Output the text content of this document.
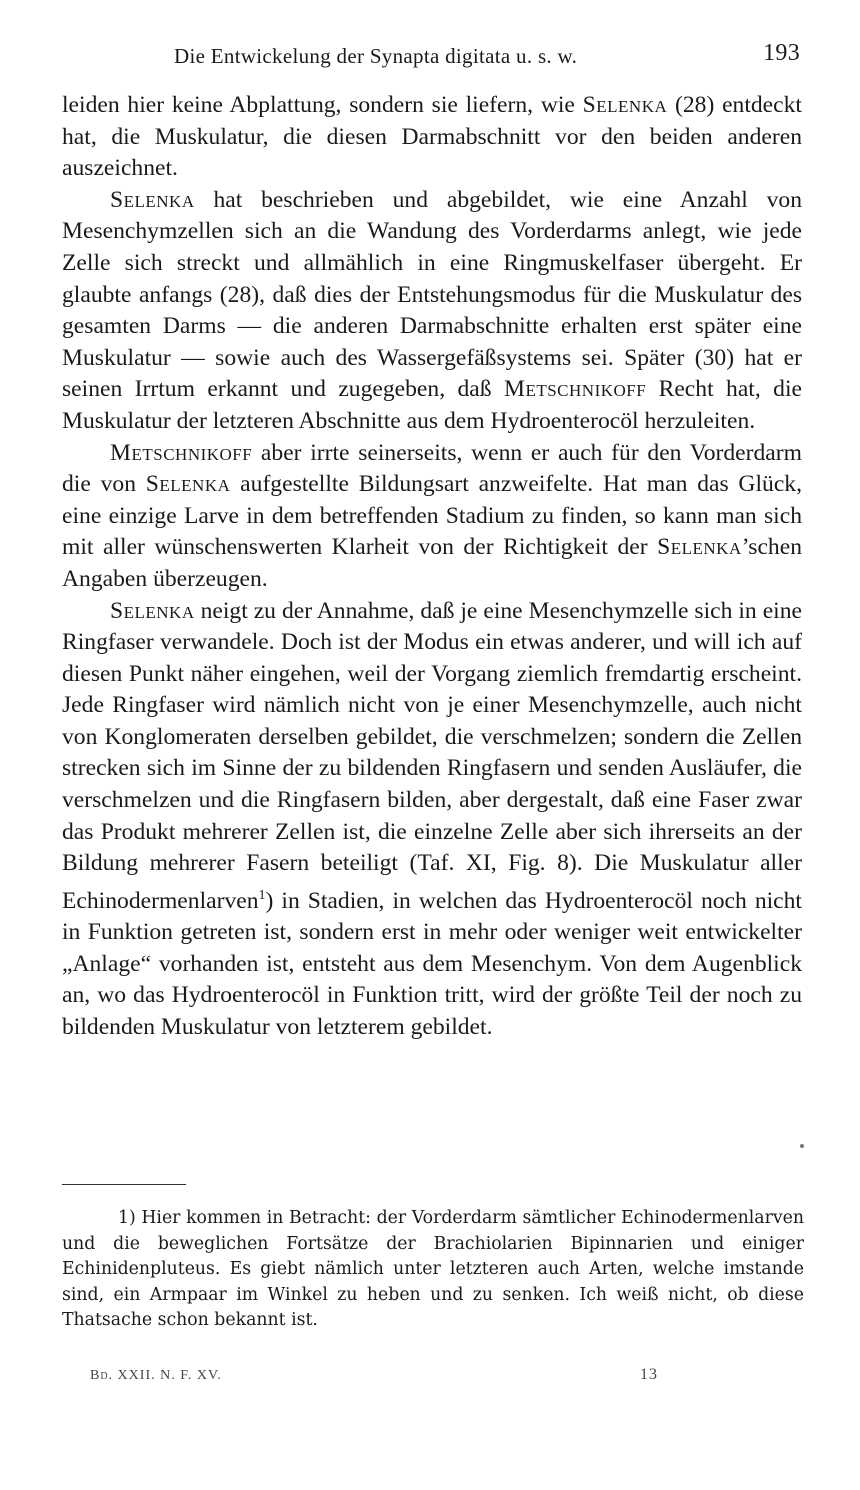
Die Entwickelung der Synapta digitata u. s. w.	193

leiden hier keine Abplattung, sondern sie liefern, wie Selenka (28) entdeckt hat, die Muskulatur, die diesen Darmabschnitt vor den beiden anderen auszeichnet.

Selenka hat beschrieben und abgebildet, wie eine Anzahl von Mesenchymzellen sich an die Wandung des Vorderdarms anlegt, wie jede Zelle sich streckt und allmählich in eine Ringmuskelfaser übergeht. Er glaubte anfangs (28), daß dies der Entstehungsmodus für die Muskulatur des gesamten Darms — die anderen Darmabschnitte erhalten erst später eine Muskulatur — sowie auch des Wassergefäßsystems sei. Später (30) hat er seinen Irrtum erkannt und zugegeben, daß Metschnikoff Recht hat, die Muskulatur der letzteren Abschnitte aus dem Hydroenterocöl herzuleiten.

Metschnikoff aber irrte seinerseits, wenn er auch für den Vorderdarm die von Selenka aufgestellte Bildungsart anzweifelte. Hat man das Glück, eine einzige Larve in dem betreffenden Stadium zu finden, so kann man sich mit aller wünschenswerten Klarheit von der Richtigkeit der Selenka’schen Angaben überzeugen.

Selenka neigt zu der Annahme, daß je eine Mesenchymzelle sich in eine Ringfaser verwandele. Doch ist der Modus ein etwas anderer, und will ich auf diesen Punkt näher eingehen, weil der Vorgang ziemlich fremdartig erscheint. Jede Ringfaser wird nämlich nicht von je einer Mesenchymzelle, auch nicht von Konglomeraten derselben gebildet, die verschmelzen; sondern die Zellen strecken sich im Sinne der zu bildenden Ringfasern und senden Ausläufer, die verschmelzen und die Ringfasern bilden, aber dergestalt, daß eine Faser zwar das Produkt mehrerer Zellen ist, die einzelne Zelle aber sich ihrerseits an der Bildung mehrerer Fasern beteiligt (Taf. XI, Fig. 8). Die Muskulatur aller Echinodermenlarven$^1$) in Stadien, in welchen das Hydroenterocöl noch nicht in Funktion getreten ist, sondern erst in mehr oder weniger weit entwickelter „Anlage“ vorhanden ist, entsteht aus dem Mesenchym. Von dem Augenblick an, wo das Hydroenterocöl in Funktion tritt, wird der größte Teil der noch zu bildenden Muskulatur von letzterem gebildet.

1) Hier kommen in Betracht: der Vorderdarm sämtlicher Echinodermenlarven und die beweglichen Fortsätze der Brachiolarien Bipinnarien und einiger Echinidenpluteus. Es giebt nämlich unter letzteren auch Arten, welche imstande sind, ein Armpaar im Winkel zu heben und zu senken. Ich weiß nicht, ob diese Thatsache schon bekannt ist.

Bd. XXII. N. F. XV.	13
